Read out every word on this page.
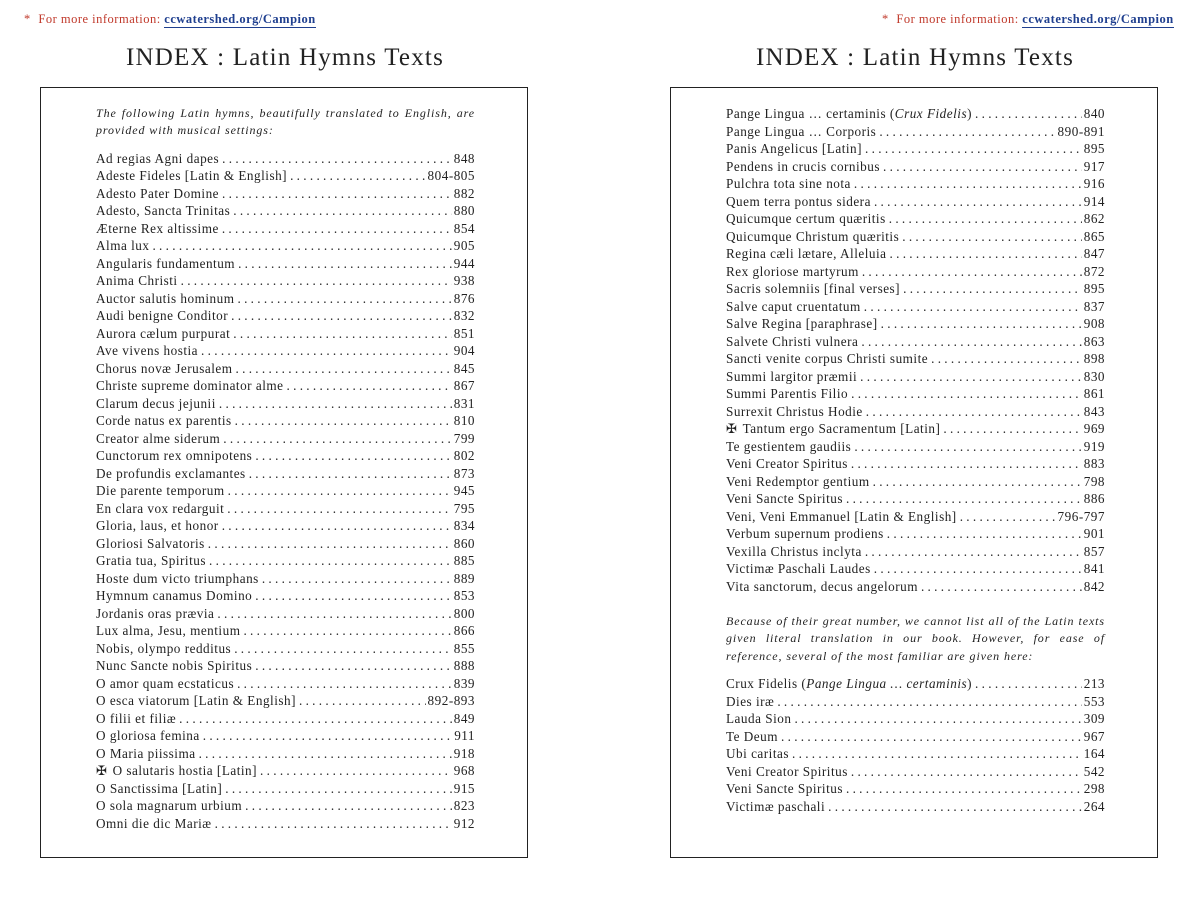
* For more information: ccwatershed.org/Campion
INDEX : Latin Hymns Texts

The following Latin hymns, beautifully translated to English, are provided with musical settings:

Ad regias Agni dapes . . .	848
Adeste Fideles [Latin & English] . . .	804-805
Adesto Pater Domine . . .	882
Adesto, Sancta Trinitas . . .	880
Æterne Rex altissime . . .	854
Alma lux . . .	905
Angularis fundamentum . . .	944
Anima Christi . . .	938
Auctor salutis hominum . . .	876
Audi benigne Conditor . . .	832
Aurora cælum purpurat . . .	851
Ave vivens hostia . . .	904
Chorus novæ Jerusalem . . .	845
Christe supreme dominator alme . . .	867
Clarum decus jejunii . . .	831
Corde natus ex parentis . . .	810
Creator alme siderum . . .	799
Cunctorum rex omnipotens . . .	802
De profundis exclamantes . . .	873
Die parente temporum . . .	945
En clara vox redarguit . . .	795
Gloria, laus, et honor . . .	834
Gloriosi Salvatoris . . .	860
Gratia tua, Spiritus . . .	885
Hoste dum victo triumphans . . .	889
Hymnum canamus Domino . . .	853
Jordanis oras prævia . . .	800
Lux alma, Jesu, mentium . . .	866
Nobis, olympo redditus . . .	855
Nunc Sancte nobis Spiritus . . .	888
O amor quam ecstaticus . . .	839
O esca viatorum [Latin & English] . . .	892-893
O filii et filiæ . . .	849
O gloriosa femina . . .	911
O Maria piissima . . .	918
✠ O salutaris hostia [Latin] . . .	968
O Sanctissima [Latin] . . .	915
O sola magnarum urbium . . .	823
Omni die dic Mariæ . . .	912
* For more information: ccwatershed.org/Campion
INDEX : Latin Hymns Texts
Pange Lingua … certaminis (Crux Fidelis) . . .	840
Pange Lingua … Corporis . . .	890-891
Panis Angelicus [Latin] . . .	895
Pendens in crucis cornibus . . .	917
Pulchra tota sine nota . . .	916
Quem terra pontus sidera . . .	914
Quicumque certum quæritis . . .	862
Quicumque Christum quæritis . . .	865
Regina cæli lætare, Alleluia . . .	847
Rex gloriose martyrum . . .	872
Sacris solemniis [final verses] . . .	895
Salve caput cruentatum . . .	837
Salve Regina [paraphrase] . . .	908
Salvete Christi vulnera . . .	863
Sancti venite corpus Christi sumite . . .	898
Summi largitor præmii . . .	830
Summi Parentis Filio . . .	861
Surrexit Christus Hodie . . .	843
✠ Tantum ergo Sacramentum [Latin] . . .	969
Te gestientem gaudiis . . .	919
Veni Creator Spiritus . . .	883
Veni Redemptor gentium . . .	798
Veni Sancte Spiritus . . .	886
Veni, Veni Emmanuel [Latin & English] . . .	796-797
Verbum supernum prodiens . . .	901
Vexilla Christus inclyta . . .	857
Victimæ Paschali Laudes . . .	841
Vita sanctorum, decus angelorum . . .	842

Because of their great number, we cannot list all of the Latin texts given literal translation in our book. However, for ease of reference, several of the most familiar are given here:

Crux Fidelis (Pange Lingua … certaminis) . . .	213
Dies iræ . . .	553
Lauda Sion . . .	309
Te Deum . . .	967
Ubi caritas . . .	164
Veni Creator Spiritus . . .	542
Veni Sancte Spiritus . . .	298
Victimæ paschali . . .	264
